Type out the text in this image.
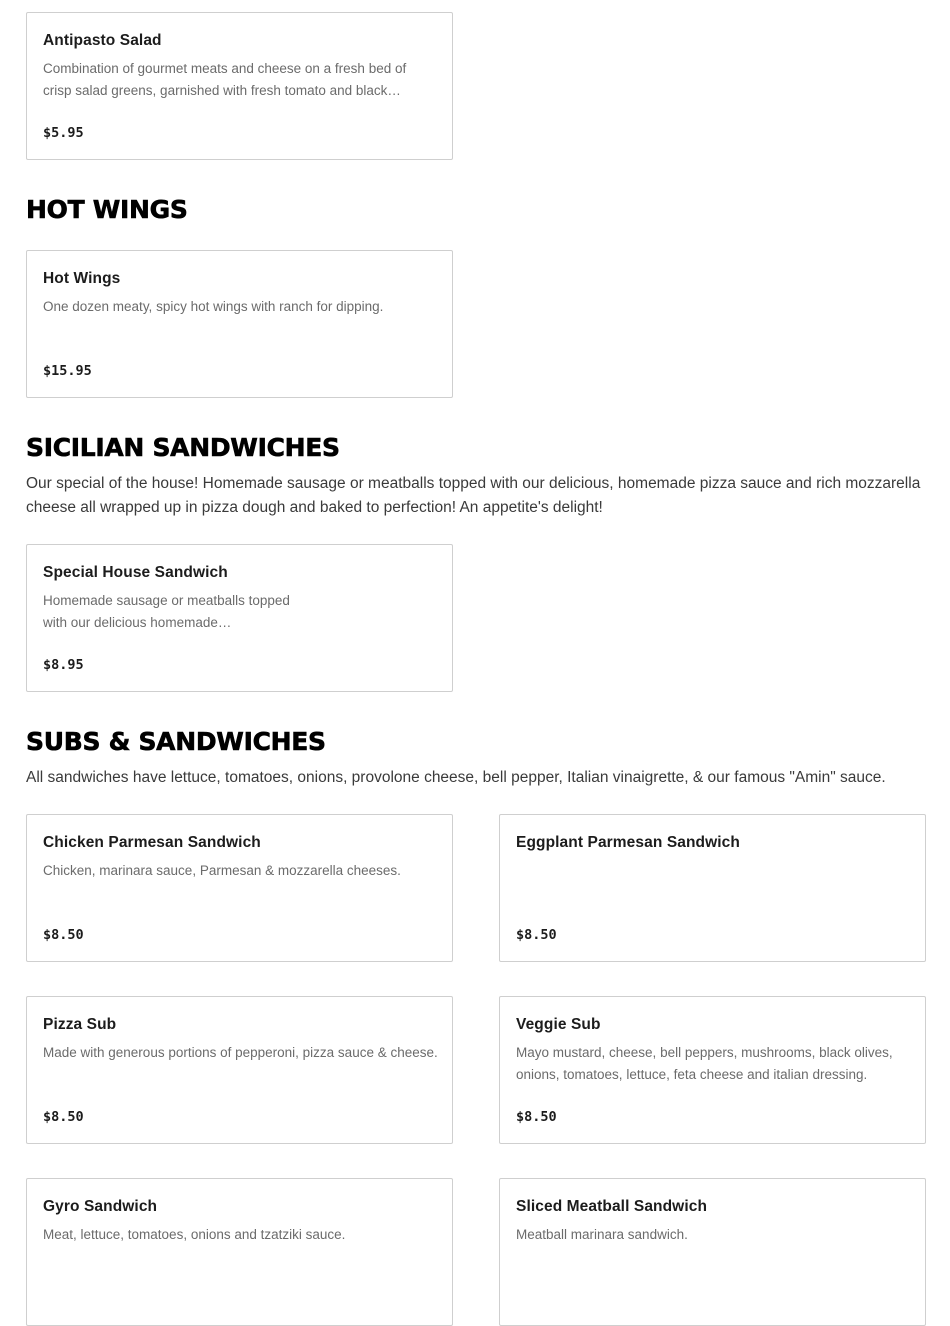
Antipasto Salad
Combination of gourmet meats and cheese on a fresh bed of crisp salad greens, garnished with fresh tomato and black…
$5.95
HOT WINGS
Hot Wings
One dozen meaty, spicy hot wings with ranch for dipping.
$15.95
SICILIAN SANDWICHES

Our special of the house! Homemade sausage or meatballs topped with our delicious, homemade pizza sauce and rich mozzarella cheese all wrapped up in pizza dough and baked to perfection! An appetite's delight!

Special House Sandwich
Homemade sausage or meatballs topped with our delicious homemade…
$8.95
SUBS & SANDWICHES

All sandwiches have lettuce, tomatoes, onions, provolone cheese, bell pepper, Italian vinaigrette, & our famous "Amin" sauce.

Chicken Parmesan Sandwich
Chicken, marinara sauce, Parmesan & mozzarella cheeses.
$8.50
Eggplant Parmesan Sandwich
$8.50
Pizza Sub
Made with generous portions of pepperoni, pizza sauce & cheese.
$8.50
Veggie Sub
Mayo mustard, cheese, bell peppers, mushrooms, black olives, onions, tomatoes, lettuce, feta cheese and italian dressing.
$8.50
Gyro Sandwich
Meat, lettuce, tomatoes, onions and tzatziki sauce.
Sliced Meatball Sandwich
Meatball marinara sandwich.
